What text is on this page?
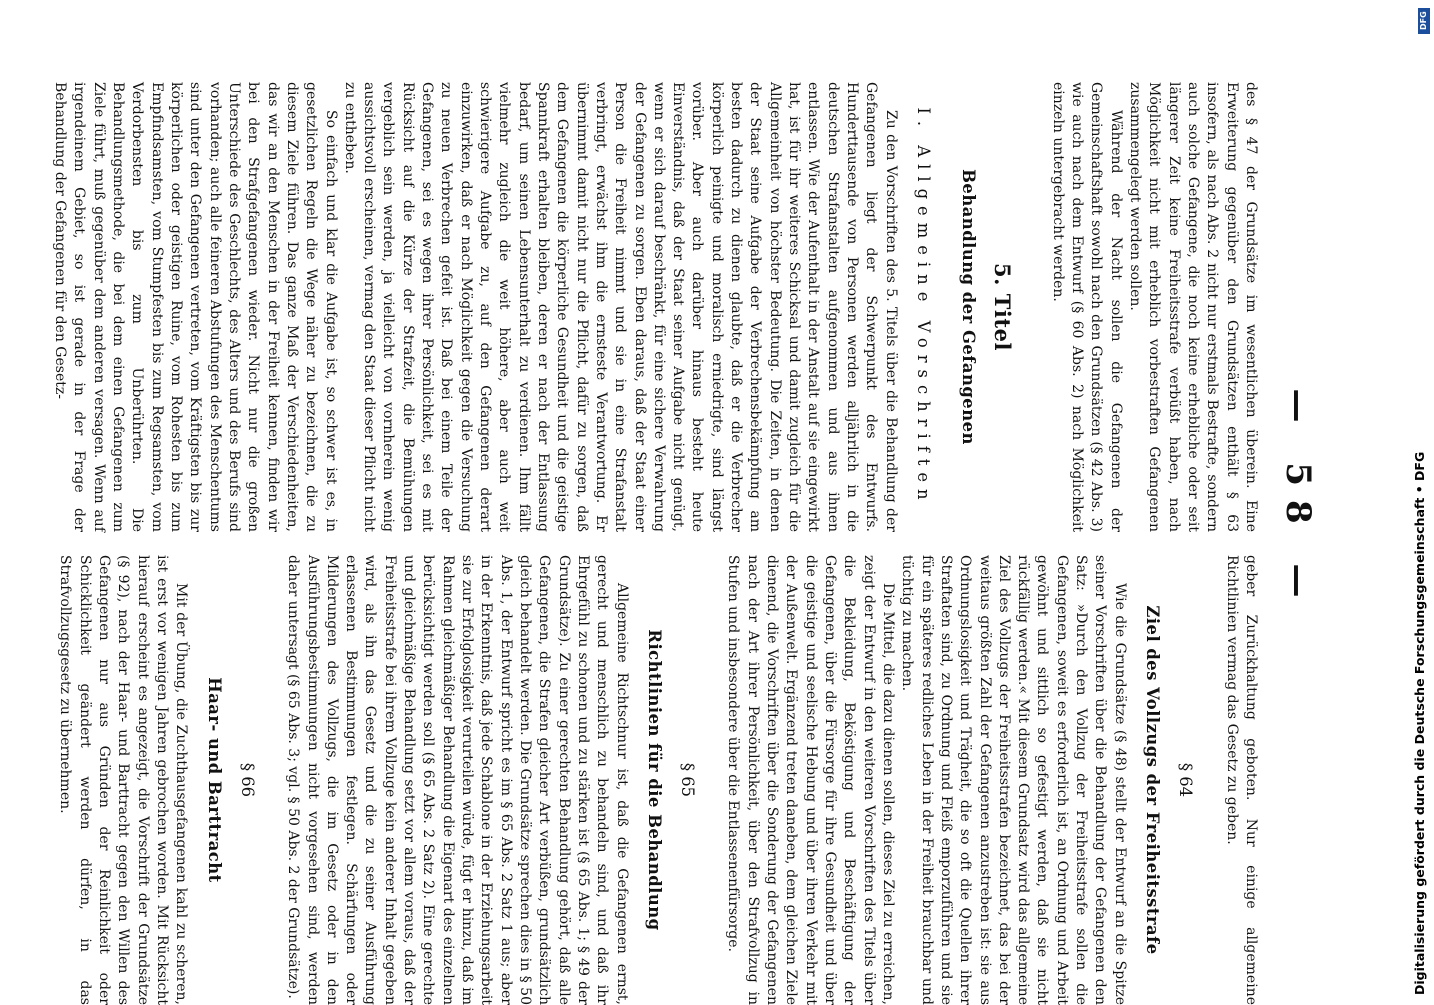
— 58 —

des § 47 der Grundsätze im wesentlichen überein. Eine Erweiterung gegenüber den Grundsätzen enthält § 63 insofern, als nach Abs. 2 nicht nur erstmals Bestrafte, sondern auch solche Gefangene, die noch keine erhebliche oder seit längerer Zeit keine Freiheitsstrafe verbüßt haben, nach Möglichkeit nicht mit erheblich vorbestraften Gefangenen zusammengelegt werden sollen.

Während der Nacht sollen die Gefangenen der Gemeinschaftshaft sowohl nach den Grundsätzen (§ 42 Abs. 3) wie auch nach dem Entwurf (§ 60 Abs. 2) nach Möglichkeit einzeln untergebracht werden.

5. Titel
Behandlung der Gefangenen
I. Allgemeine Vorschriften

Zu den Vorschriften des 5. Titels über die Behandlung der Gefangenen liegt der Schwerpunkt des Entwurfs. Hunderttausende von Personen werden alljährlich in die deutschen Strafanstalten aufgenommen und aus ihnen entlassen. Wie der Aufenthalt in der Anstalt auf sie eingewirkt hat, ist für ihr weiteres Schicksal und damit zugleich für die Allgemeinheit von höchster Bedeutung. Die Zeiten, in denen der Staat seine Aufgabe der Verbrechensbekämpfung am besten dadurch zu dienen glaubte, daß er die Verbrecher körperlich peinigte und moralisch erniedrigte, sind längst vorüber. Aber auch darüber hinaus besteht heute Einverständnis, daß der Staat seiner Aufgabe nicht genügt, wenn er sich darauf beschränkt, für eine sichere Verwahrung der Gefangenen zu sorgen. Eben daraus, daß der Staat einer Person die Freiheit nimmt und sie in eine Strafanstalt verbringt, erwächst ihm die ernsteste Verantwortung. Er übernimmt damit nicht nur die Pflicht, dafür zu sorgen, daß dem Gefangenen die körperliche Gesundheit und die geistige Spannkraft erhalten bleiben, deren er nach der Entlassung bedarf, um seinen Lebensunterhalt zu verdienen. Ihm fällt vielmehr zugleich die weit höhere, aber auch weit schwierigere Aufgabe zu, auf den Gefangenen derart einzuwirken, daß er nach Möglichkeit gegen die Versuchung zu neuen Verbrechen gefeit ist. Daß bei einem Teile der Gefangenen, sei es wegen ihrer Persönlichkeit, sei es mit Rücksicht auf die Kürze der Strafzeit, die Bemühungen vergeblich sein werden, ja vielleicht von vornherein wenig aussichtsvoll erscheinen, vermag den Staat dieser Pflicht nicht zu entheben.

So einfach und klar die Aufgabe ist, so schwer ist es, in gesetzlichen Regeln die Wege näher zu bezeichnen, die zu diesem Ziele führen. Das ganze Maß der Verschiedenheiten, das wir an den Menschen in der Freiheit kennen, finden wir bei den Strafgefangenen wieder. Nicht nur die großen Unterschiede des Geschlechts, des Alters und des Berufs sind vorhanden; auch alle feineren Abstufungen des Menschentums sind unter den Gefangenen vertreten, vom Kräftigsten bis zur körperlichen oder geistigen Ruine, vom Rohesten bis zum Empfindsamsten, vom Stumpfesten bis zum Regsamsten, vom Verdorbensten bis zum Unberührten. Die Behandlungsmethode, die bei dem einen Gefangenen zum Ziele führt, muß gegenüber dem anderen versagen. Wenn auf irgendeinem Gebiet, so ist gerade in der Frage der Behandlung der Gefangenen für den Gesetz-

geber Zurückhaltung geboten. Nur einige allgemeine Richtlinien vermag das Gesetz zu geben.

§ 64
Ziel des Vollzugs der Freiheitsstrafe

Wie die Grundsätze (§ 48) stellt der Entwurf an die Spitze seiner Vorschriften über die Behandlung der Gefangenen den Satz: »Durch den Vollzug der Freiheitsstrafe sollen die Gefangenen, soweit es erforderlich ist, an Ordnung und Arbeit gewöhnt und sittlich so gefestigt werden, daß sie nicht rückfällig werden.« Mit diesem Grundsatz wird das allgemeine Ziel des Vollzugs der Freiheitsstrafen bezeichnet, das bei der weitaus größten Zahl der Gefangenen anzustreben ist: sie aus Ordnungslosigkeit und Trägheit, die so oft die Quellen ihrer Straftaten sind, zu Ordnung und Fleiß emporzuführen und sie für ein späteres redliches Leben in der Freiheit brauchbar und tüchtig zu machen.

Die Mittel, die dazu dienen sollen, dieses Ziel zu erreichen, zeigt der Entwurf in den weiteren Vorschriften des Titels über die Bekleidung, Beköstigung und Beschäftigung der Gefangenen, über die Fürsorge für ihre Gesundheit und über die geistige und seelische Hebung und über ihren Verkehr mit der Außenwelt. Ergänzend treten daneben, dem gleichen Ziele dienend, die Vorschriften über die Sonderung der Gefangenen nach der Art ihrer Persönlichkeit, über den Strafvollzug in Stufen und insbesondere über die Entlassenenfürsorge.

§ 65
Richtlinien für die Behandlung

Allgemeine Richtschnur ist, daß die Gefangenen ernst, gerecht und menschlich zu behandeln sind, und daß ihr Ehrgefühl zu schonen und zu stärken ist (§ 65 Abs. 1; § 49 der Grundsätze). Zu einer gerechten Behandlung gehört, daß alle Gefangenen, die Strafen gleicher Art verbüßen, grundsätzlich gleich behandelt werden. Die Grundsätze sprechen dies in § 50 Abs. 1, der Entwurf spricht es im § 65 Abs. 2 Satz 1 aus; aber in der Erkenntnis, daß jede Schablone in der Erziehungsarbeit sie zur Erfolglosigkeit verurteilen würde, fügt er hinzu, daß im Rahmen gleichmäßiger Behandlung die Eigenart des einzelnen berücksichtigt werden soll (§ 65 Abs. 2 Satz 2). Eine gerechte und gleichmäßige Behandlung setzt vor allem voraus, daß der Freiheitsstrafe bei ihrem Vollzuge kein anderer Inhalt gegeben wird, als ihn das Gesetz und die zu seiner Ausführung erlassenen Bestimmungen festlegen. Schärfungen oder Milderungen des Vollzugs, die im Gesetz oder in den Ausführungsbestimmungen nicht vorgesehen sind, werden daher untersagt (§ 65 Abs. 3; vgl. § 50 Abs. 2 der Grundsätze).

§ 66
Haar- und Barttracht

Mit der Übung, die Zuchthausgefangenen kahl zu scheren, ist erst vor wenigen Jahren gebrochen worden. Mit Rücksicht hierauf erscheint es angezeigt, die Vorschrift der Grundsätze (§ 92), nach der Haar- und Barttracht gegen den Willen des Gefangenen nur aus Gründen der Reinlichkeit oder Schicklichkeit geändert werden dürfen, in das Strafvollzugsgesetz zu übernehmen.	Digitalisierung gefördert durch die Deutsche Forschungsgemeinschaft • DFG
DFG
